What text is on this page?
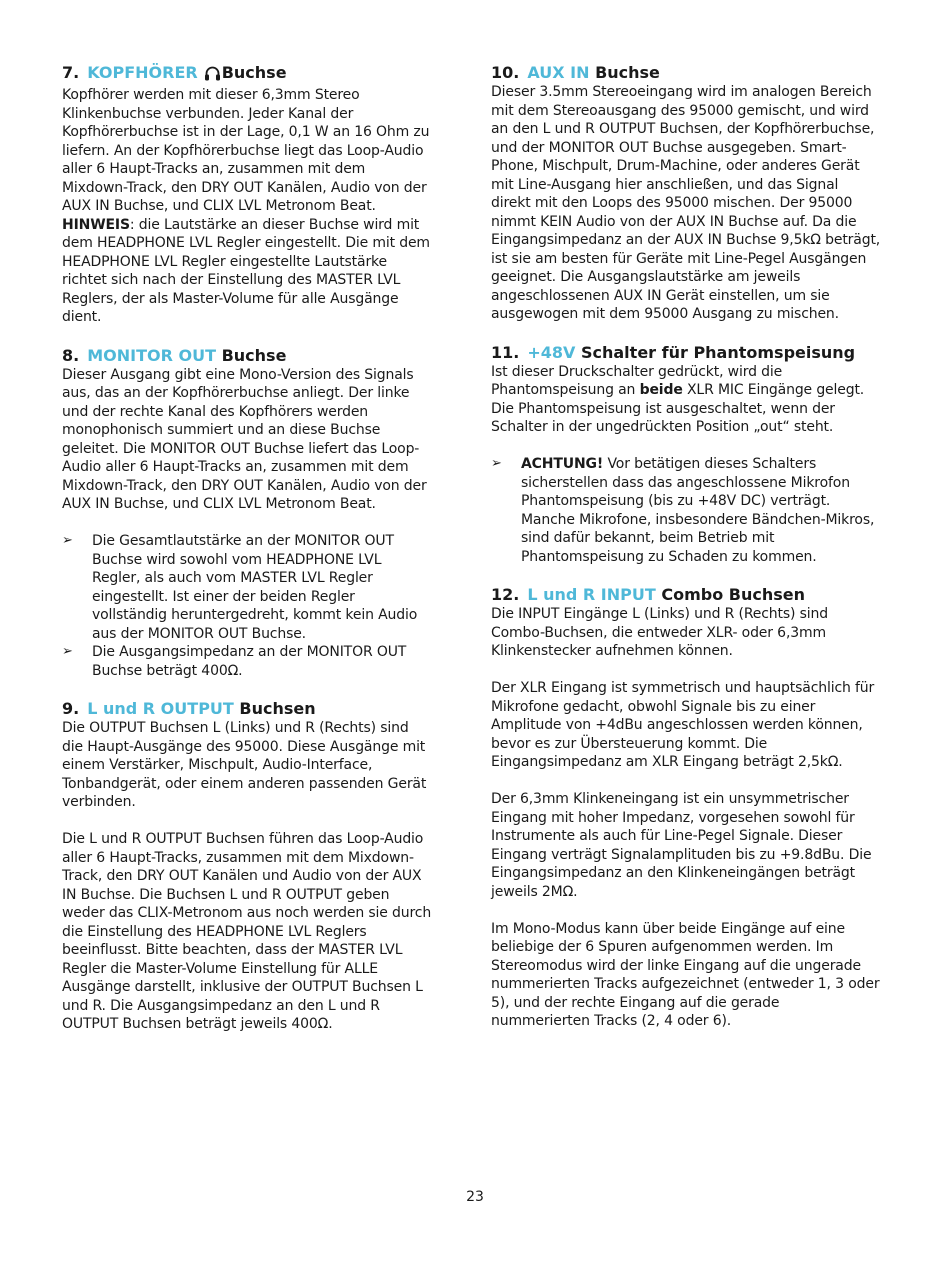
7. KOPFHÖRER Buchse

Kopfhörer werden mit dieser 6,3mm Stereo Klinkenbuchse verbunden. Jeder Kanal der Kopfhörerbuchse ist in der Lage, 0,1 W an 16 Ohm zu liefern. An der Kopfhörerbuchse liegt das Loop-Audio aller 6 Haupt-Tracks an, zusammen mit dem Mixdown-Track, den DRY OUT Kanälen, Audio von der AUX IN Buchse, und CLIX LVL Metronom Beat. HINWEIS: die Lautstärke an dieser Buchse wird mit dem HEADPHONE LVL Regler eingestellt. Die mit dem HEADPHONE LVL Regler eingestellte Lautstärke richtet sich nach der Einstellung des MASTER LVL Reglers, der als Master-Volume für alle Ausgänge dient.

8. MONITOR OUT Buchse

Dieser Ausgang gibt eine Mono-Version des Signals aus, das an der Kopfhörerbuchse anliegt. Der linke und der rechte Kanal des Kopfhörers werden monophonisch summiert und an diese Buchse geleitet. Die MONITOR OUT Buchse liefert das Loop-Audio aller 6 Haupt-Tracks an, zusammen mit dem Mixdown-Track, den DRY OUT Kanälen, Audio von der AUX IN Buchse, und CLIX LVL Metronom Beat.

➢ Die Gesamtlautstärke an der MONITOR OUT Buchse wird sowohl vom HEADPHONE LVL Regler, als auch vom MASTER LVL Regler eingestellt. Ist einer der beiden Regler vollständig heruntergedreht, kommt kein Audio aus der MONITOR OUT Buchse.
➢ Die Ausgangsimpedanz an der MONITOR OUT Buchse beträgt 400Ω.
9. L und R OUTPUT Buchsen

Die OUTPUT Buchsen L (Links) und R (Rechts) sind die Haupt-Ausgänge des 95000. Diese Ausgänge mit einem Verstärker, Mischpult, Audio-Interface, Tonbandgerät, oder einem anderen passenden Gerät verbinden.

Die L und R OUTPUT Buchsen führen das Loop-Audio aller 6 Haupt-Tracks, zusammen mit dem Mixdown-Track, den DRY OUT Kanälen und Audio von der AUX IN Buchse. Die Buchsen L und R OUTPUT geben weder das CLIX-Metronom aus noch werden sie durch die Einstellung des HEADPHONE LVL Reglers beeinflusst. Bitte beachten, dass der MASTER LVL Regler die Master-Volume Einstellung für ALLE Ausgänge darstellt, inklusive der OUTPUT Buchsen L und R. Die Ausgangsimpedanz an den L und R OUTPUT Buchsen beträgt jeweils 400Ω.

10. AUX IN Buchse

Dieser 3.5mm Stereoeingang wird im analogen Bereich mit dem Stereoausgang des 95000 gemischt, und wird an den L und R OUTPUT Buchsen, der Kopfhörerbuchse, und der MONITOR OUT Buchse ausgegeben. Smart-Phone, Mischpult, Drum-Machine, oder anderes Gerät mit Line-Ausgang hier anschließen, und das Signal direkt mit den Loops des 95000 mischen. Der 95000 nimmt KEIN Audio von der AUX IN Buchse auf. Da die Eingangsimpedanz an der AUX IN Buchse 9,5kΩ beträgt, ist sie am besten für Geräte mit Line-Pegel Ausgängen geeignet. Die Ausgangslautstärke am jeweils angeschlossenen AUX IN Gerät einstellen, um sie ausgewogen mit dem 95000 Ausgang zu mischen.

11. +48V Schalter für Phantomspeisung

Ist dieser Druckschalter gedrückt, wird die Phantomspeisung an beide XLR MIC Eingänge gelegt. Die Phantomspeisung ist ausgeschaltet, wenn der Schalter in der ungedrückten Position „out“ steht.

➢ ACHTUNG! Vor betätigen dieses Schalters sicherstellen dass das angeschlossene Mikrofon Phantomspeisung (bis zu +48V DC) verträgt. Manche Mikrofone, insbesondere Bändchen-Mikros, sind dafür bekannt, beim Betrieb mit Phantomspeisung zu Schaden zu kommen.
12. L und R INPUT Combo Buchsen

Die INPUT Eingänge L (Links) und R (Rechts) sind Combo-Buchsen, die entweder XLR- oder 6,3mm Klinkenstecker aufnehmen können.

Der XLR Eingang ist symmetrisch und hauptsächlich für Mikrofone gedacht, obwohl Signale bis zu einer Amplitude von +4dBu angeschlossen werden können, bevor es zur Übersteuerung kommt. Die Eingangsimpedanz am XLR Eingang beträgt 2,5kΩ.

Der 6,3mm Klinkeneingang ist ein unsymmetrischer Eingang mit hoher Impedanz, vorgesehen sowohl für Instrumente als auch für Line-Pegel Signale. Dieser Eingang verträgt Signalamplituden bis zu +9.8dBu. Die Eingangsimpedanz an den Klinkeneingängen beträgt jeweils 2MΩ.

Im Mono-Modus kann über beide Eingänge auf eine beliebige der 6 Spuren aufgenommen werden. Im Stereomodus wird der linke Eingang auf die ungerade nummerierten Tracks aufgezeichnet (entweder 1, 3 oder 5), und der rechte Eingang auf die gerade nummerierten Tracks (2, 4 oder 6).

23
